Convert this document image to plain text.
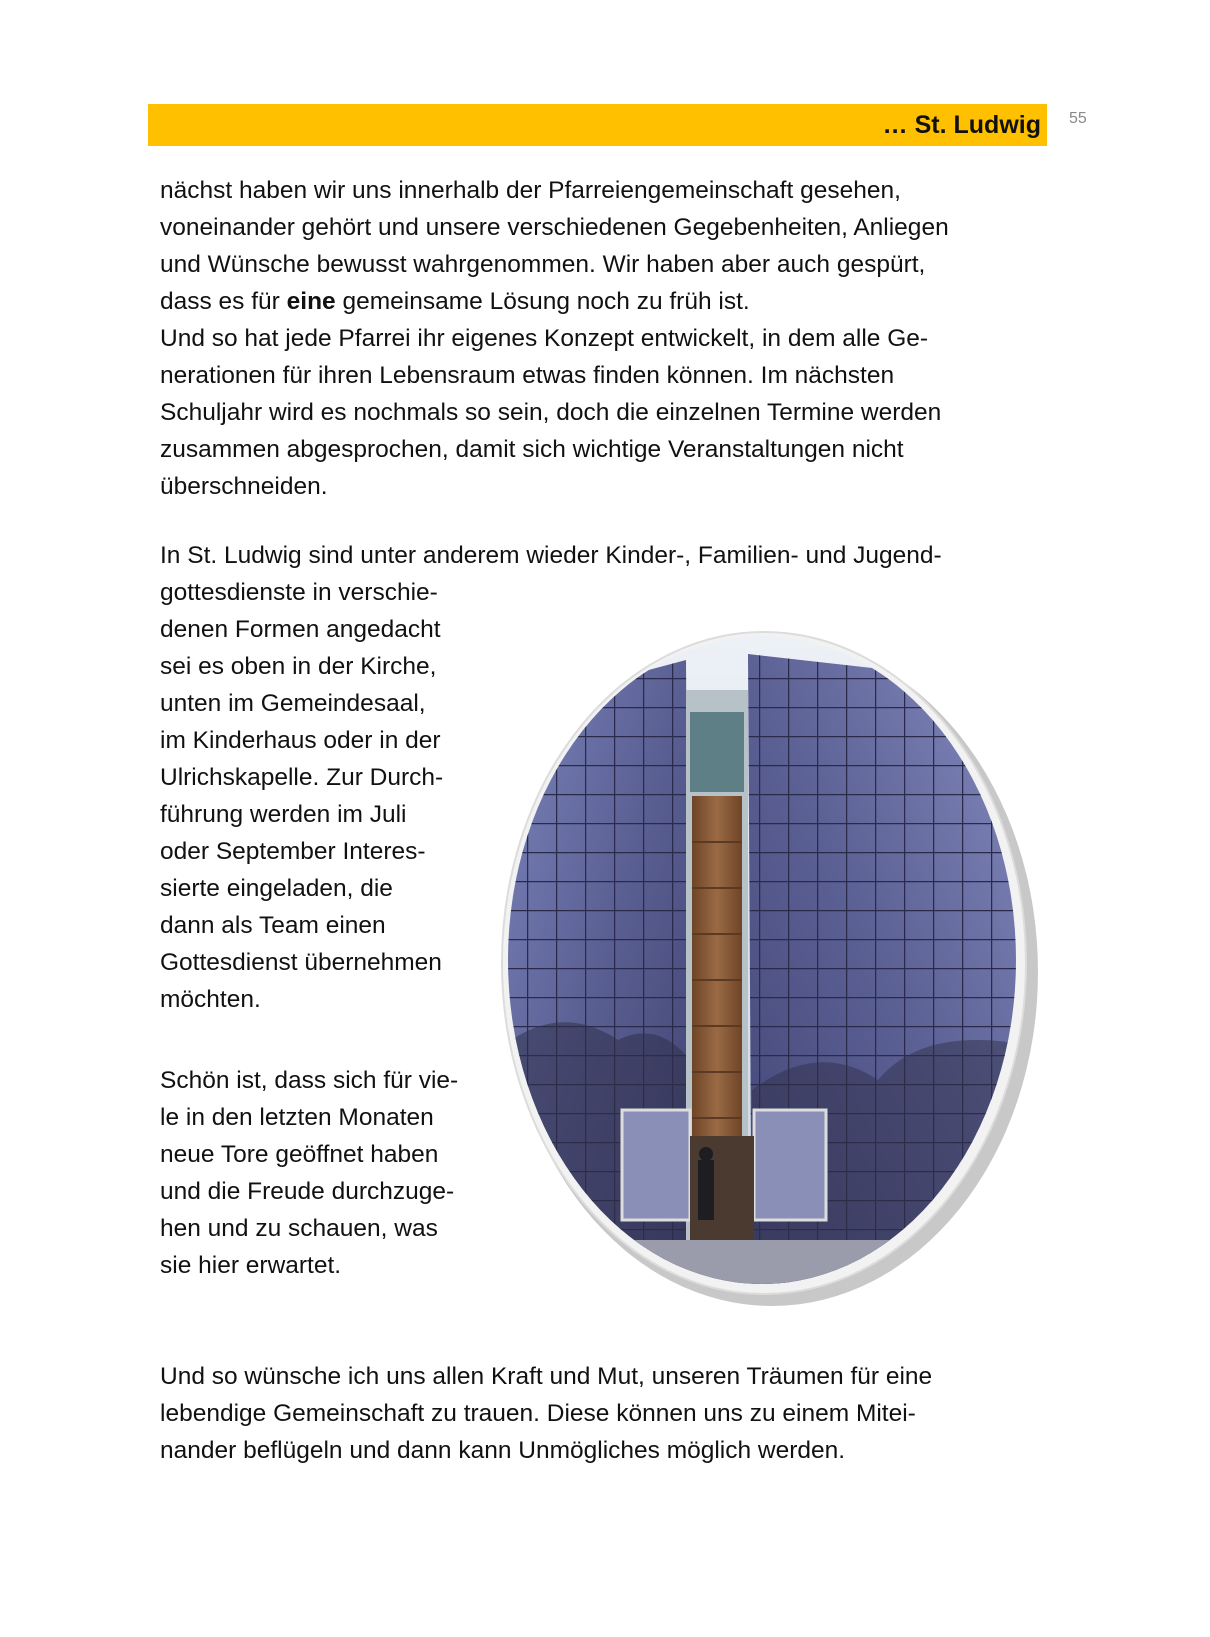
… St. Ludwig 55
nächst haben wir uns innerhalb der Pfarreiengemeinschaft gesehen,
voneinander gehört und unsere verschiedenen Gegebenheiten, Anliegen
und Wünsche bewusst wahrgenommen. Wir haben aber auch gespürt,
dass es für eine gemeinsame Lösung noch zu früh ist.
Und so hat jede Pfarrei ihr eigenes Konzept entwickelt, in dem alle Ge-
nerationen für ihren Lebensraum etwas finden können. Im nächsten
Schuljahr wird es nochmals so sein, doch die einzelnen Termine werden
zusammen abgesprochen, damit sich wichtige Veranstaltungen nicht
überschneiden.
In St. Ludwig sind unter anderem wieder Kinder-, Familien- und Jugend-
gottesdienste in verschie-
denen Formen angedacht
sei es oben in der Kirche,
unten im Gemeindesaal,
im Kinderhaus oder in der
Ulrichskapelle. Zur Durch-
führung werden im Juli
oder September Interes-
sierte eingeladen, die
dann als Team einen
Gottesdienst übernehmen
möchten.
Schön ist, dass sich für vie-
le in den letzten Monaten
neue Tore geöffnet haben
und die Freude durchzuge-
hen und zu schauen, was
sie hier erwartet.
Und so wünsche ich uns allen Kraft und Mut, unseren Träumen für eine
lebendige Gemeinschaft zu trauen. Diese können uns zu einem Mitei-
nander beflügeln und dann kann Unmögliches möglich werden.
